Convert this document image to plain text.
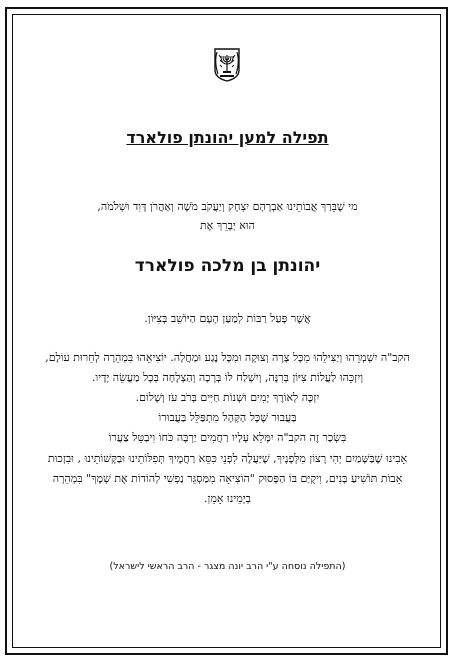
תפילה למען יהונתן פולארד
מי שֶׁבֵּרַךְ אֲבוֹתֵינוּ אַבְרָהָם יִצְחָק וְיַעֲקֹב מֹשֶׁה וְאַהֲרֹן דָּוִד וּשְׁלֹמֹה,
הוּא יְבָרֵךְ אֶת
יהונתן בן מלכה פולארד
אֲשֶׁר פָּעַל רַבּוֹת לְמַעַן הָעָם הַיּוֹשֵׁב בְּצִיּוֹן.
הקב"ה יִשְׁמְרֵהוּ וְיַצִּילֵהוּ מִכָּל צָרָה וְצוּקָה וּמִכָּל נֶגַע וּמַחֲלָה. יוֹצִיאֵהוּ בִּמְהֵרָה לְחֵרוּת עוֹלָם,
וְיִזְכֵּהוּ לַעֲלוֹת צִיּוֹן בְּרִנָּה, וְיִשְׁלַח לוֹ בְּרָכָה וְהַצְלָחָה בְּכָל מַעֲשֵׂה יָדָיו.
יִזְכֶּה לְאוֹרֶךְ יָמִים וּשְׁנוֹת חַיִּים בְּרֹב עֹז וְשָׁלוֹם.
בַּעֲבוּר שֶׁכָּל הַקָּהָל מִתְפַּלֵּל בַּעֲבוּרוֹ
בִּשְׂכַר זֶה הקב"ה יִמָּלֵא עָלָיו רַחֲמִים יַרְבֶּה כֹּחוֹ וִיבַטֵּל צַעֲרוֹ
אָבִינוּ שֶׁבַּשָּׁמַיִם יְהִי רָצוֹן מִלְּפָנֶיךָ, שֶׁיַּעֲלֶה לִפְנֵי כִּסֵּא רַחֲמֶיךָ תְּפִלּוֹתֵינוּ וּבַקָּשׁוֹתֵינוּ , וּבִזְכוּת
אָבוֹת תּוֹשִׁיעַ בָּנִים, וִיקֻיַּם בּוֹ הַפָּסוּק "הוֹצִיאָה מִמַּסְגֵּר נַפְשִׁי לְהוֹדוֹת אֶת שְׁמֶךָ" בִּמְהֵרָה
בְיָמֵינוּ אָמֵן.
(התפילה נוסחה ע"י הרב יונה מצגר - הרב הראשי לישראל)
